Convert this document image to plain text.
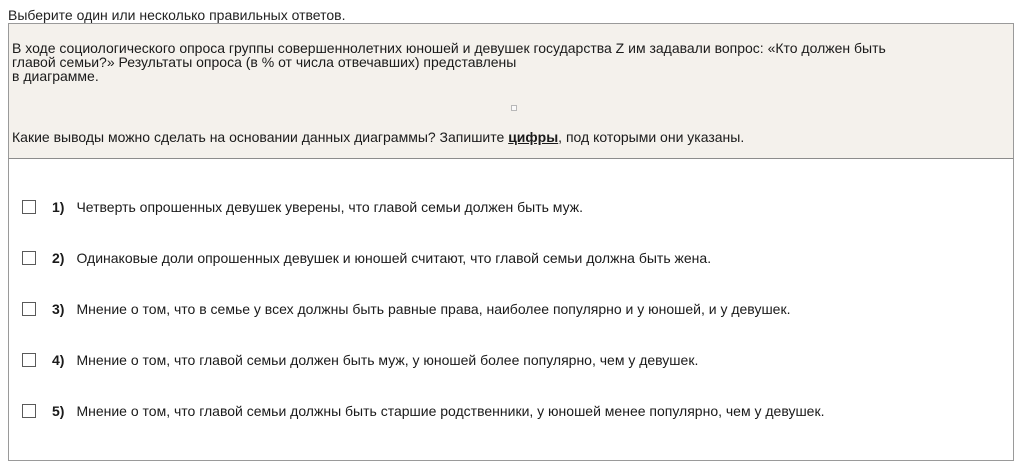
Выберите один или несколько правильных ответов.
В ходе социологического опроса группы совершеннолетних юношей и девушек государства Z им задавали вопрос: «Кто должен быть
главой семьи?» Результаты опроса (в % от числа отвечавших) представлены
в диаграмме.
Какие выводы можно сделать на основании данных диаграммы? Запишите цифры, под которыми они указаны.
1) Четверть опрошенных девушек уверены, что главой семьи должен быть муж.
2) Одинаковые доли опрошенных девушек и юношей считают, что главой семьи должна быть жена.
3) Мнение о том, что в семье у всех должны быть равные права, наиболее популярно и у юношей, и у девушек.
4) Мнение о том, что главой семьи должен быть муж, у юношей более популярно, чем у девушек.
5) Мнение о том, что главой семьи должны быть старшие родственники, у юношей менее популярно, чем у девушек.
